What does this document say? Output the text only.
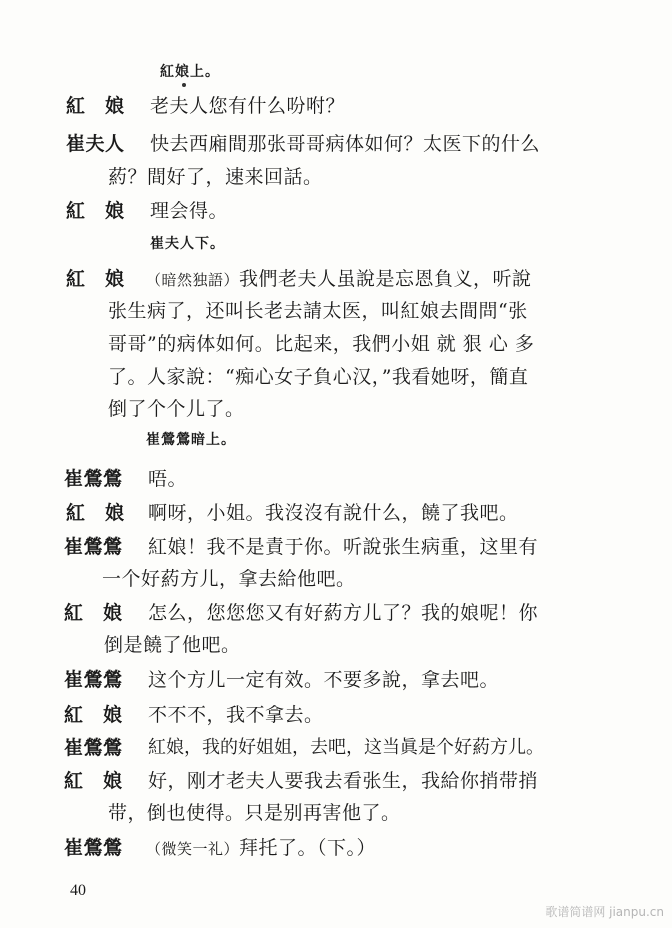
紅娘上。
紅　娘 老夫人您有什么吩咐？
崔夫人 快去西廂間那张哥哥病体如何？太医下的什么
葯？間好了，速来回話。
紅　娘 理会得。
崔夫人下。
紅　娘 （暗然独語）我們老夫人虽說是忘恩負义，听說
张生病了，还叫长老去請太医，叫紅娘去間問“张
哥哥”的病体如何。比起来，我們小姐 就 狠 心 多
了。人家說：“痴心女子負心汉，”我看她呀，簡直
倒了个个儿了。
崔鶯鶯暗上。
崔鶯鶯 唔。
紅　娘 啊呀，小姐。我沒沒有說什么，饒了我吧。
崔鶯鶯 紅娘！我不是責于你。听說张生病重，这里有
一个好葯方儿，拿去給他吧。
紅　娘 怎么，您您您又有好葯方儿了？我的娘呢！你
倒是饒了他吧。
崔鶯鶯 这个方儿一定有效。不要多說，拿去吧。
紅　娘 不不不，我不拿去。
崔鶯鶯 紅娘，我的好姐姐，去吧，这当眞是个好葯方儿。
紅　娘 好，刚才老夫人要我去看张生，我給你捎带捎
带，倒也使得。只是别再害他了。
崔鶯鶯 （微笑一礼）拜托了。（下。）
40
歌谱简谱网 jianpu.cn
